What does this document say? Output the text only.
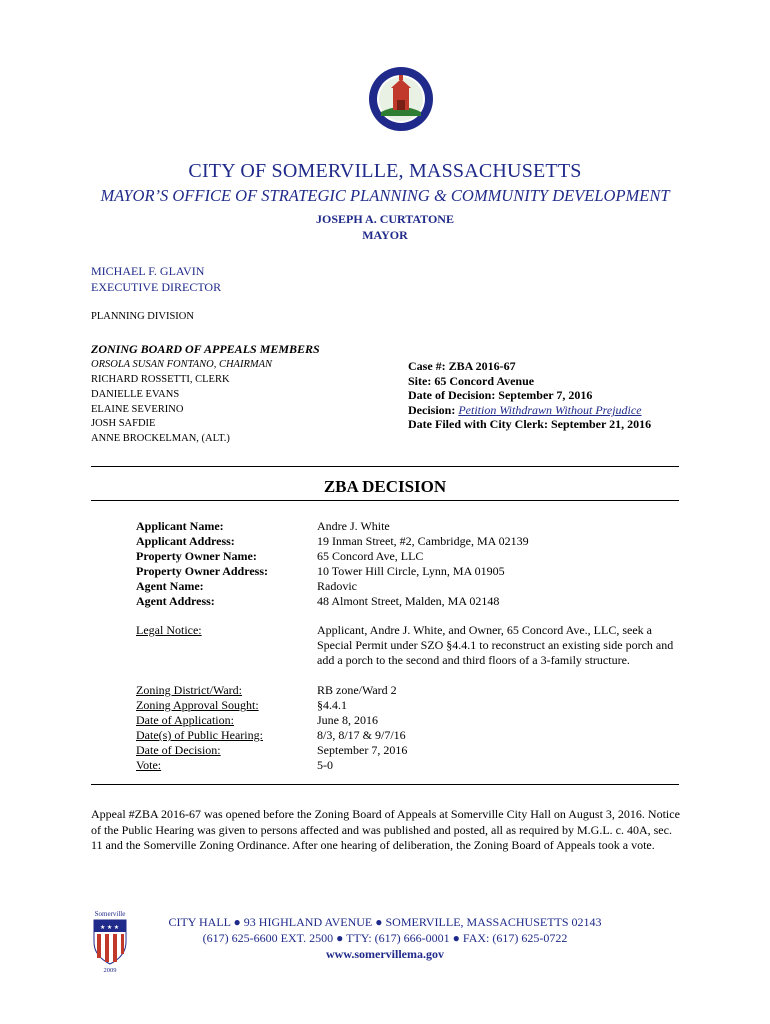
CITY OF SOMERVILLE, MASSACHUSETTS
MAYOR’S OFFICE OF STRATEGIC PLANNING & COMMUNITY DEVELOPMENT
JOSEPH A. CURTATONE
MAYOR
MICHAEL F. GLAVIN
EXECUTIVE DIRECTOR
PLANNING DIVISION
ZONING BOARD OF APPEALS MEMBERS
ORSOLA SUSAN FONTANO, CHAIRMAN
RICHARD ROSSETTI, CLERK
DANIELLE EVANS
ELAINE SEVERINO
JOSH SAFDIE
ANNE BROCKELMAN, (ALT.)
Case #: ZBA 2016-67
Site: 65 Concord Avenue
Date of Decision: September 7, 2016
Decision: Petition Withdrawn Without Prejudice
Date Filed with City Clerk: September 21, 2016
ZBA DECISION
Applicant Name:	Andre J. White
Applicant Address:	19 Inman Street, #2, Cambridge, MA 02139
Property Owner Name:	65 Concord Ave, LLC
Property Owner Address:	10 Tower Hill Circle, Lynn, MA 01905
Agent Name:	Radovic
Agent Address:	48 Almont Street, Malden, MA 02148
Legal Notice:	Applicant, Andre J. White, and Owner, 65 Concord Ave., LLC, seek a Special Permit under SZO §4.4.1 to reconstruct an existing side porch and add a porch to the second and third floors of a 3-family structure.
Zoning District/Ward:	RB zone/Ward 2
Zoning Approval Sought:	§4.4.1
Date of Application:	June 8, 2016
Date(s) of Public Hearing:	8/3, 8/17 & 9/7/16
Date of Decision:	September 7, 2016
Vote:	5-0
Appeal #ZBA 2016-67 was opened before the Zoning Board of Appeals at Somerville City Hall on August 3, 2016. Notice of the Public Hearing was given to persons affected and was published and posted, all as required by M.G.L. c. 40A, sec. 11 and the Somerville Zoning Ordinance. After one hearing of deliberation, the Zoning Board of Appeals took a vote.
Somerville
★ ★ ★
2009
CITY HALL ● 93 HIGHLAND AVENUE ● SOMERVILLE, MASSACHUSETTS 02143
(617) 625-6600 EXT. 2500 ● TTY: (617) 666-0001 ● FAX: (617) 625-0722
www.somervillema.gov
